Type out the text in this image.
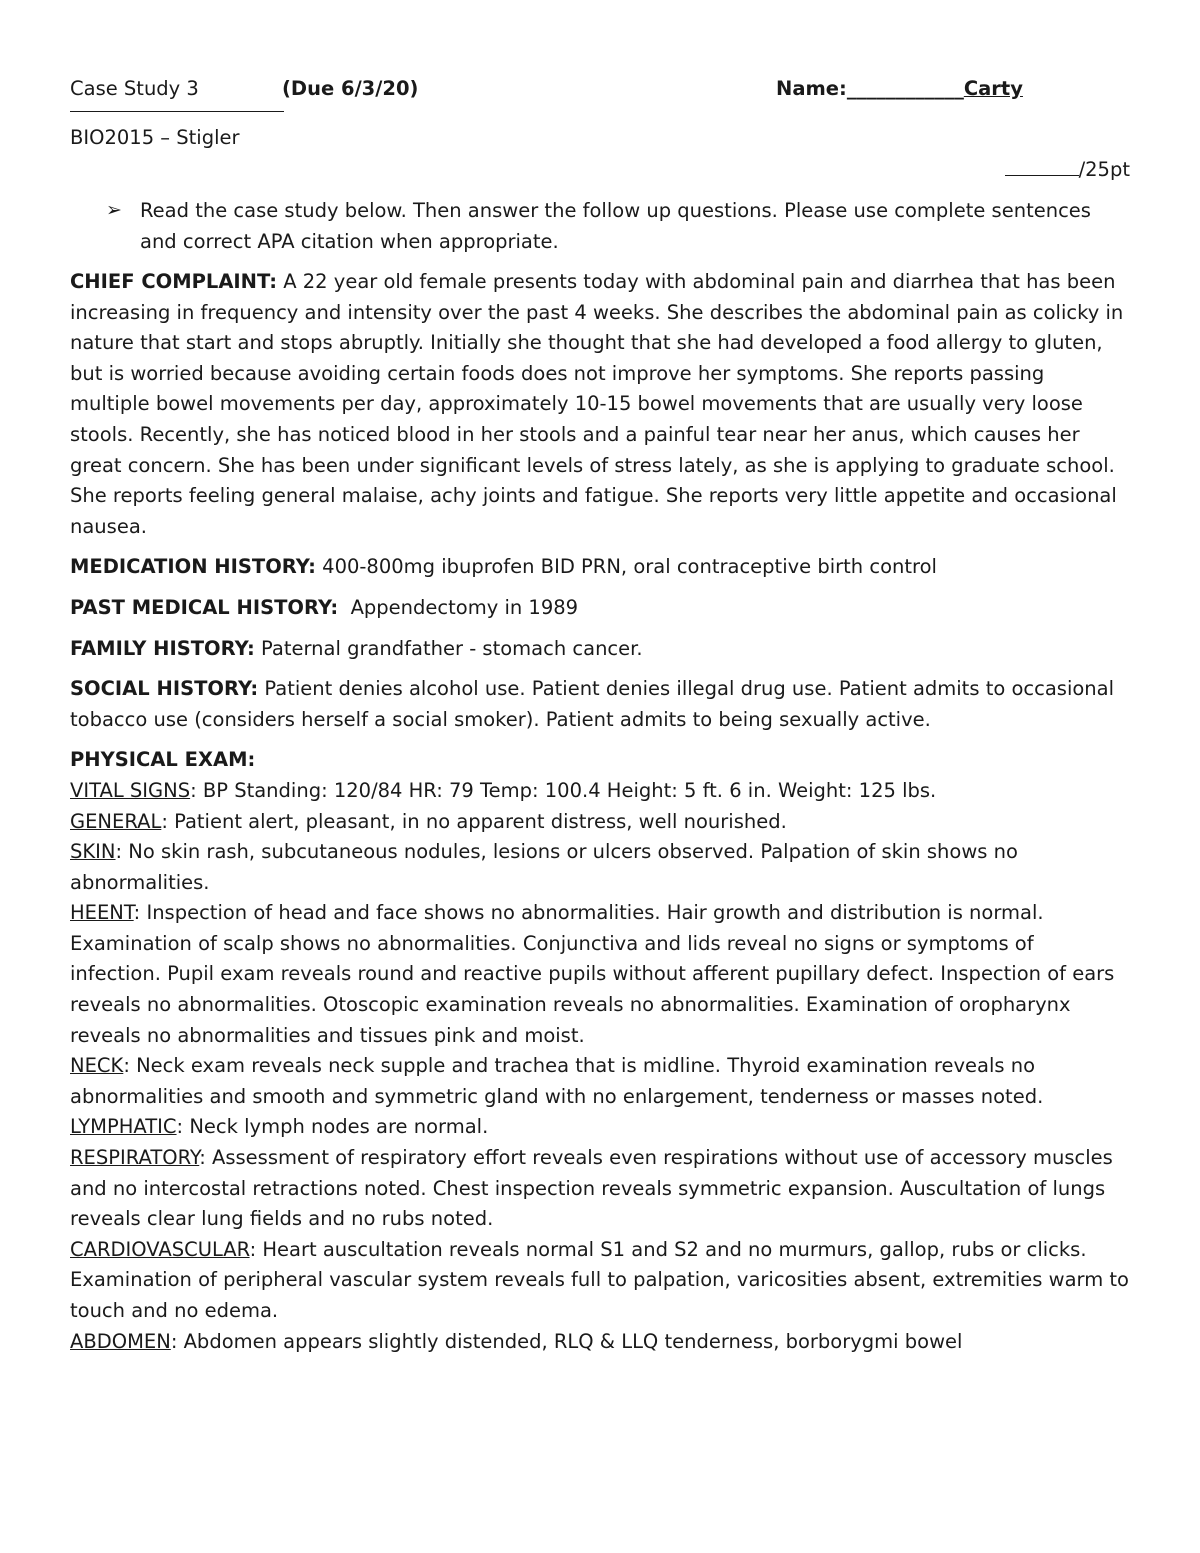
Case Study 3	(Due 6/3/20)	Name:____________Carty
BIO2015 – Stigler
/25pt
➢ Read the case study below. Then answer the follow up questions. Please use complete sentences and correct APA citation when appropriate.

CHIEF COMPLAINT: A 22 year old female presents today with abdominal pain and diarrhea that has been increasing in frequency and intensity over the past 4 weeks. She describes the abdominal pain as colicky in nature that start and stops abruptly. Initially she thought that she had developed a food allergy to gluten, but is worried because avoiding certain foods does not improve her symptoms. She reports passing multiple bowel movements per day, approximately 10-15 bowel movements that are usually very loose stools. Recently, she has noticed blood in her stools and a painful tear near her anus, which causes her great concern. She has been under significant levels of stress lately, as she is applying to graduate school. She reports feeling general malaise, achy joints and fatigue. She reports very little appetite and occasional nausea.

MEDICATION HISTORY: 400-800mg ibuprofen BID PRN, oral contraceptive birth control

PAST MEDICAL HISTORY:  Appendectomy in 1989

FAMILY HISTORY: Paternal grandfather - stomach cancer.

SOCIAL HISTORY: Patient denies alcohol use. Patient denies illegal drug use. Patient admits to occasional tobacco use (considers herself a social smoker). Patient admits to being sexually active.

PHYSICAL EXAM:

VITAL SIGNS: BP Standing: 120/84 HR: 79 Temp: 100.4 Height: 5 ft. 6 in. Weight: 125 lbs.

GENERAL: Patient alert, pleasant, in no apparent distress, well nourished.

SKIN: No skin rash, subcutaneous nodules, lesions or ulcers observed. Palpation of skin shows no abnormalities.

HEENT: Inspection of head and face shows no abnormalities. Hair growth and distribution is normal. Examination of scalp shows no abnormalities. Conjunctiva and lids reveal no signs or symptoms of infection. Pupil exam reveals round and reactive pupils without afferent pupillary defect. Inspection of ears reveals no abnormalities. Otoscopic examination reveals no abnormalities. Examination of oropharynx reveals no abnormalities and tissues pink and moist.

NECK: Neck exam reveals neck supple and trachea that is midline. Thyroid examination reveals no abnormalities and smooth and symmetric gland with no enlargement, tenderness or masses noted.

LYMPHATIC: Neck lymph nodes are normal.

RESPIRATORY: Assessment of respiratory effort reveals even respirations without use of accessory muscles and no intercostal retractions noted. Chest inspection reveals symmetric expansion. Auscultation of lungs reveals clear lung fields and no rubs noted.

CARDIOVASCULAR: Heart auscultation reveals normal S1 and S2 and no murmurs, gallop, rubs or clicks. Examination of peripheral vascular system reveals full to palpation, varicosities absent, extremities warm to touch and no edema.

ABDOMEN: Abdomen appears slightly distended, RLQ & LLQ tenderness, borborygmi bowel
